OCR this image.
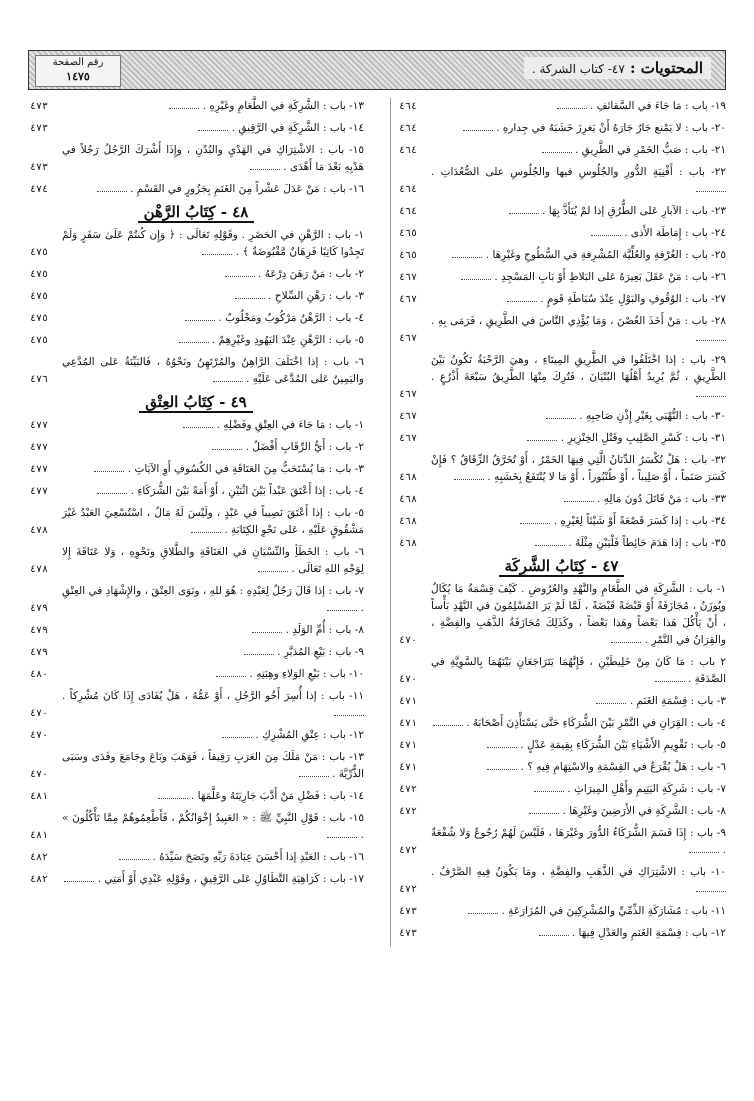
المحتويات : ٤٧- كتاب الشركة .
رقم الصفحة
١٤٧٥
١٩- باب : مَا جَاءَ في السَّقائفِ .
٤٦٤
٢٠- باب : لا يَمْنع جَارٌ جَارَهُ أَنْ يَغرِزَ خَشَبَهُ في جِدارهِ .
٤٦٤
٢١- باب : صَبُّ الخَمْرِ في الطَّرِيقِ .
٤٦٤
٢٢- باب : أَفْنِيَةِ الدُّورِ والجُلُوسِ فيها والجُلُوسِ على الصُّعُدَاتِ .
٤٦٤
٢٣- باب : الآبارِ عَلى الطُّرُقِ إذا لمْ يُتَأَذَّ بِهَا .
٤٦٤
٢٤- باب : إِمَاطَة الأَذى .
٤٦٥
٢٥- باب : الغُرْفةِ والعُلِّيَّة المُشْرِفةِ في السُّطُوحِ وغَيْرِهَا .
٤٦٥
٢٦- باب : مَنْ عَقَلَ بَعِيرَهُ عَلى البَلاطِ أَوْ بَابِ المَسْجِدِ .
٤٦٧
٢٧- باب : الوُقُوفِ والبَوْلِ عِنْدَ سُبَاطَةِ قَومٍ .
٤٦٧
٢٨- باب : مَنْ أَخَذَ الغُصْنَ ، وَمَا يُؤْذِي النَّاسَ في الطَّرِيقِ ، فَرَمَى بِهِ .
٤٦٧
٢٩- باب : إذا اخْتَلَفُوا في الطَّرِيقِ المِيتَاءِ ، وهيَ الرَّحْبَةُ تَكُونُ بَيْنَ الطَّرِيقِ ، ثُمَّ يُرِيدُ أَهْلُهَا البُنْيَانَ ، فَتُرِكَ مِنْهَا الطَّرِيقُ سَبْعَةَ أَذْرُعٍ .
٤٦٧
٣٠- باب : النُّهْبَى بِغَيْرِ إِذْنِ صَاحِبِهِ .
٤٦٧
٣١- باب : كَسْرِ الصَّلِيبِ وقَتْلِ الخِنْزِيرِ .
٤٦٧
٣٢- باب : هَلْ تُكْسَرُ الدِّنَانُ الَّتِي فِيهَا الخَمْرُ ، أَوْ تُخَرَّقُ الزِّقَاقُ ؟ فَإِنْ كَسَرَ صَنَماً ، أَوْ صَلِيباً ، أَوْ طُنْبُوراً ، أَوْ مَا لا يُنْتَفَعُ بِخَشَبِهِ .
٤٦٨
٣٣- باب : مَنْ قَاتَلَ دُونَ مَالِهِ .
٤٦٨
٣٤- باب : إذا كَسَرَ قَصْعَةً أَوْ شَيْئاً لِغَيْرِهِ .
٤٦٨
٣٥- باب : إذا هَدَمَ حَائِطاً فَلْيَبْنِ مِثْلَهُ .
٤٦٨
٤٧ - كِتَابُ الشَّرِكَة
١- باب : الشَّرِكَةِ في الطَّعَامِ والنَّهْدِ والعُرُوضِ . كَيْفَ قِسْمَةُ مَا يُكَالُ ويُوزَنُ ، مُجَازَفَةً أَوْ قَبْضَةً قَبْضَةً ، لَمَّا لَمْ يَرَ المُسْلِمُونَ في النَّهْدِ بَأْساً ، أَنْ يَأْكُلَ هَذا بَعْضاً وهَذا بَعْضاً ، وكَذَلِكَ مُجَازَفَةُ الذَّهَبِ والفِضَّةِ ، والقِرَانُ في التَّمْرِ .
٤٧٠
٢ باب : مَا كَانَ مِنْ خَلِيطَيْنِ ، فَإِنَّهُمَا يَتَرَاجَعَانِ بَيْنَهُمَا بِالسَّوِيَّةِ في الصَّدَقَةِ .
٤٧٠
٣- باب : قِسْمَةِ الغَنَمِ .
٤٧١
٤- باب : القِرَانِ في التَّمْرِ بَيْنَ الشُّرَكَاءِ حَتَّى يَسْتَأْذِنَ أَصْحَابَهُ .
٤٧١
٥- باب : تَقْوِيمِ الأَشْيَاءِ بَيْنَ الشُّرَكَاءِ بِقِيمَةِ عَدْلٍ .
٤٧١
٦- باب : هَلْ يُقْرَعُ في القِسْمَةِ والاسْتِهَامِ فِيهِ ؟ .
٤٧١
٧- باب : شَرِكَةِ اليَتِيمِ وأَهْلِ المِيرَاثِ .
٤٧٢
٨- باب : الشَّرِكَةِ في الأَرَضِينَ وغَيْرِهَا .
٤٧٢
٩- باب : إِذَا قَسَمَ الشُّرَكَاءُ الدُّورَ وغَيْرَهَا ، فَلَيْسَ لَهُمْ رُجُوعٌ وَلا شُفْعَةٌ .
٤٧٢
١٠- باب : الاشْتِرَاكِ في الذَّهَبِ والفِضَّةِ ، ومَا يَكُونُ فِيهِ الصَّرْفُ .
٤٧٢
١١- باب : مُشَارَكَةِ الذِّمِّيِّ والمُشْرِكِينَ في المُزَارَعَةِ .
٤٧٣
١٢- باب : قِسْمَةِ الغَنَمِ والعَدْلِ فِيهَا .
٤٧٣
١٣- باب : الشَّرِكَةِ في الطَّعَامِ وغَيْرِهِ .
٤٧٣
١٤- باب : الشَّرِكَةِ في الرَّقِيقِ .
٤٧٣
١٥- باب : الاشْتِرَاكِ في الهَدْيِ والبُدْنِ ، وإِذَا أَشْرَكَ الرَّجُلُ رَجُلاً في هَدْيِهِ بَعْدَ مَا أَهْدَى .
٤٧٣
١٦- باب : مَنْ عَدَلَ عَشْراً مِنَ الغَنَمِ بِجَزُورٍ في القَسْمِ .
٤٧٤
٤٨ - كِتَابُ الرَّهْن
١- باب : الرَّهْنِ في الحَضَرِ . وقَوْلِهِ تَعَالَى : ﴿ وَإِن كُنتُمْ عَلَىٰ سَفَرٍ وَلَمْ تَجِدُوا كَاتِبًا فَرِهَانٌ مَّقْبُوضَةٌ ﴾ .
٤٧٥
٢- باب : مَنْ رَهَنَ دِرْعَهُ .
٤٧٥
٣- باب : رَهْنِ السِّلاحِ .
٤٧٥
٤- باب : الرَّهْنُ مَرْكُوبٌ ومَحْلُوبٌ .
٤٧٥
٥- باب : الرَّهْنِ عِنْدَ اليَهُودِ وغَيْرِهِمْ .
٤٧٥
٦- باب : إذا اخْتَلَفَ الرَّاهِنُ والمُرْتَهِنُ ونَحْوُهُ ، فَالبَيِّنَةُ عَلى المُدَّعِي واليَمِينُ عَلى المُدَّعَى عَلَيْهِ .
٤٧٦
٤٩ - كِتَابُ العِتْق
١- باب : مَا جَاءَ في العِتْقِ وفَضْلِهِ .
٤٧٧
٢- باب : أَيُّ الرِّقَابِ أَفْضَلُ .
٤٧٧
٣- باب : مَا يُسْتَحَبُّ مِنَ العَتَاقَةِ في الكُسُوفِ أَوِ الآيَاتِ .
٤٧٧
٤- باب : إذا أَعْتَقَ عَبْداً بَيْنَ اثْنَيْنِ ، أَوْ أَمَةً بَيْنَ الشُّرَكَاءِ .
٤٧٧
٥- باب : إذا أَعْتَقَ نَصِيباً في عَبْدٍ ، ولَيْسَ لَهُ مَالٌ ، اسْتُسْعِيَ العَبْدُ غَيْرَ مَشْقُوقٍ عَلَيْهِ ، عَلى نَحْوِ الكِتَابَةِ .
٤٧٨
٦- باب : الخَطَأِ والنِّسْيَانِ في العَتَاقَةِ والطَّلاقِ ونَحْوِهِ ، وَلا عَتَاقَةَ إِلا لِوَجْهِ اللهِ تَعَالَى .
٤٧٨
٧- باب : إذا قَالَ رَجُلٌ لِعَبْدِهِ : هُوَ للهِ ، ونَوَى العِتْقَ ، والإِشْهَادِ في العِتْقِ .
٤٧٩
٨- باب : أُمِّ الوَلَدِ .
٤٧٩
٩- باب : بَيْعِ المُدَبَّرِ .
٤٧٩
١٠- باب : بَيْعِ الوَلاءِ وهِبَتِهِ .
٤٨٠
١١- باب : إذا أُسِرَ أَخُو الرَّجُلِ ، أَوْ عَمُّهُ ، هَلْ يُفَادَى إِذَا كَانَ مُشْرِكاً .
٤٧٠
١٢- باب : عِتْقِ المُشْرِكِ .
٤٧٠
١٣- باب : مَنْ مَلَكَ مِنَ العَرَبِ رَقِيقاً ، فَوَهَبَ وبَاعَ وجَامَعَ وفَدَى وسَبَى الذُّرِّيَّةَ .
٤٧٠
١٤- باب : فَضْلِ مَنْ أَدَّبَ جَارِيَتَهُ وعَلَّمَهَا .
٤٨١
١٥- باب : قَوْلِ النَّبِيِّ ﷺ : « العَبِيدُ إِخْوَانُكُمْ ، فَأَطْعِمُوهُمْ مِمَّا تَأْكُلُونَ » .
٤٨١
١٦- باب : العَبْدِ إذا أَحْسَنَ عِبَادَةَ رَبِّهِ ونَصَحَ سَيِّدَهُ .
٤٨٢
١٧- باب : كَرَاهِيَةِ التَّطَاوُلِ عَلى الرَّقِيقِ ، وقَوْلِهِ عَبْدِي أَوْ أَمَتِي .
٤٨٢
